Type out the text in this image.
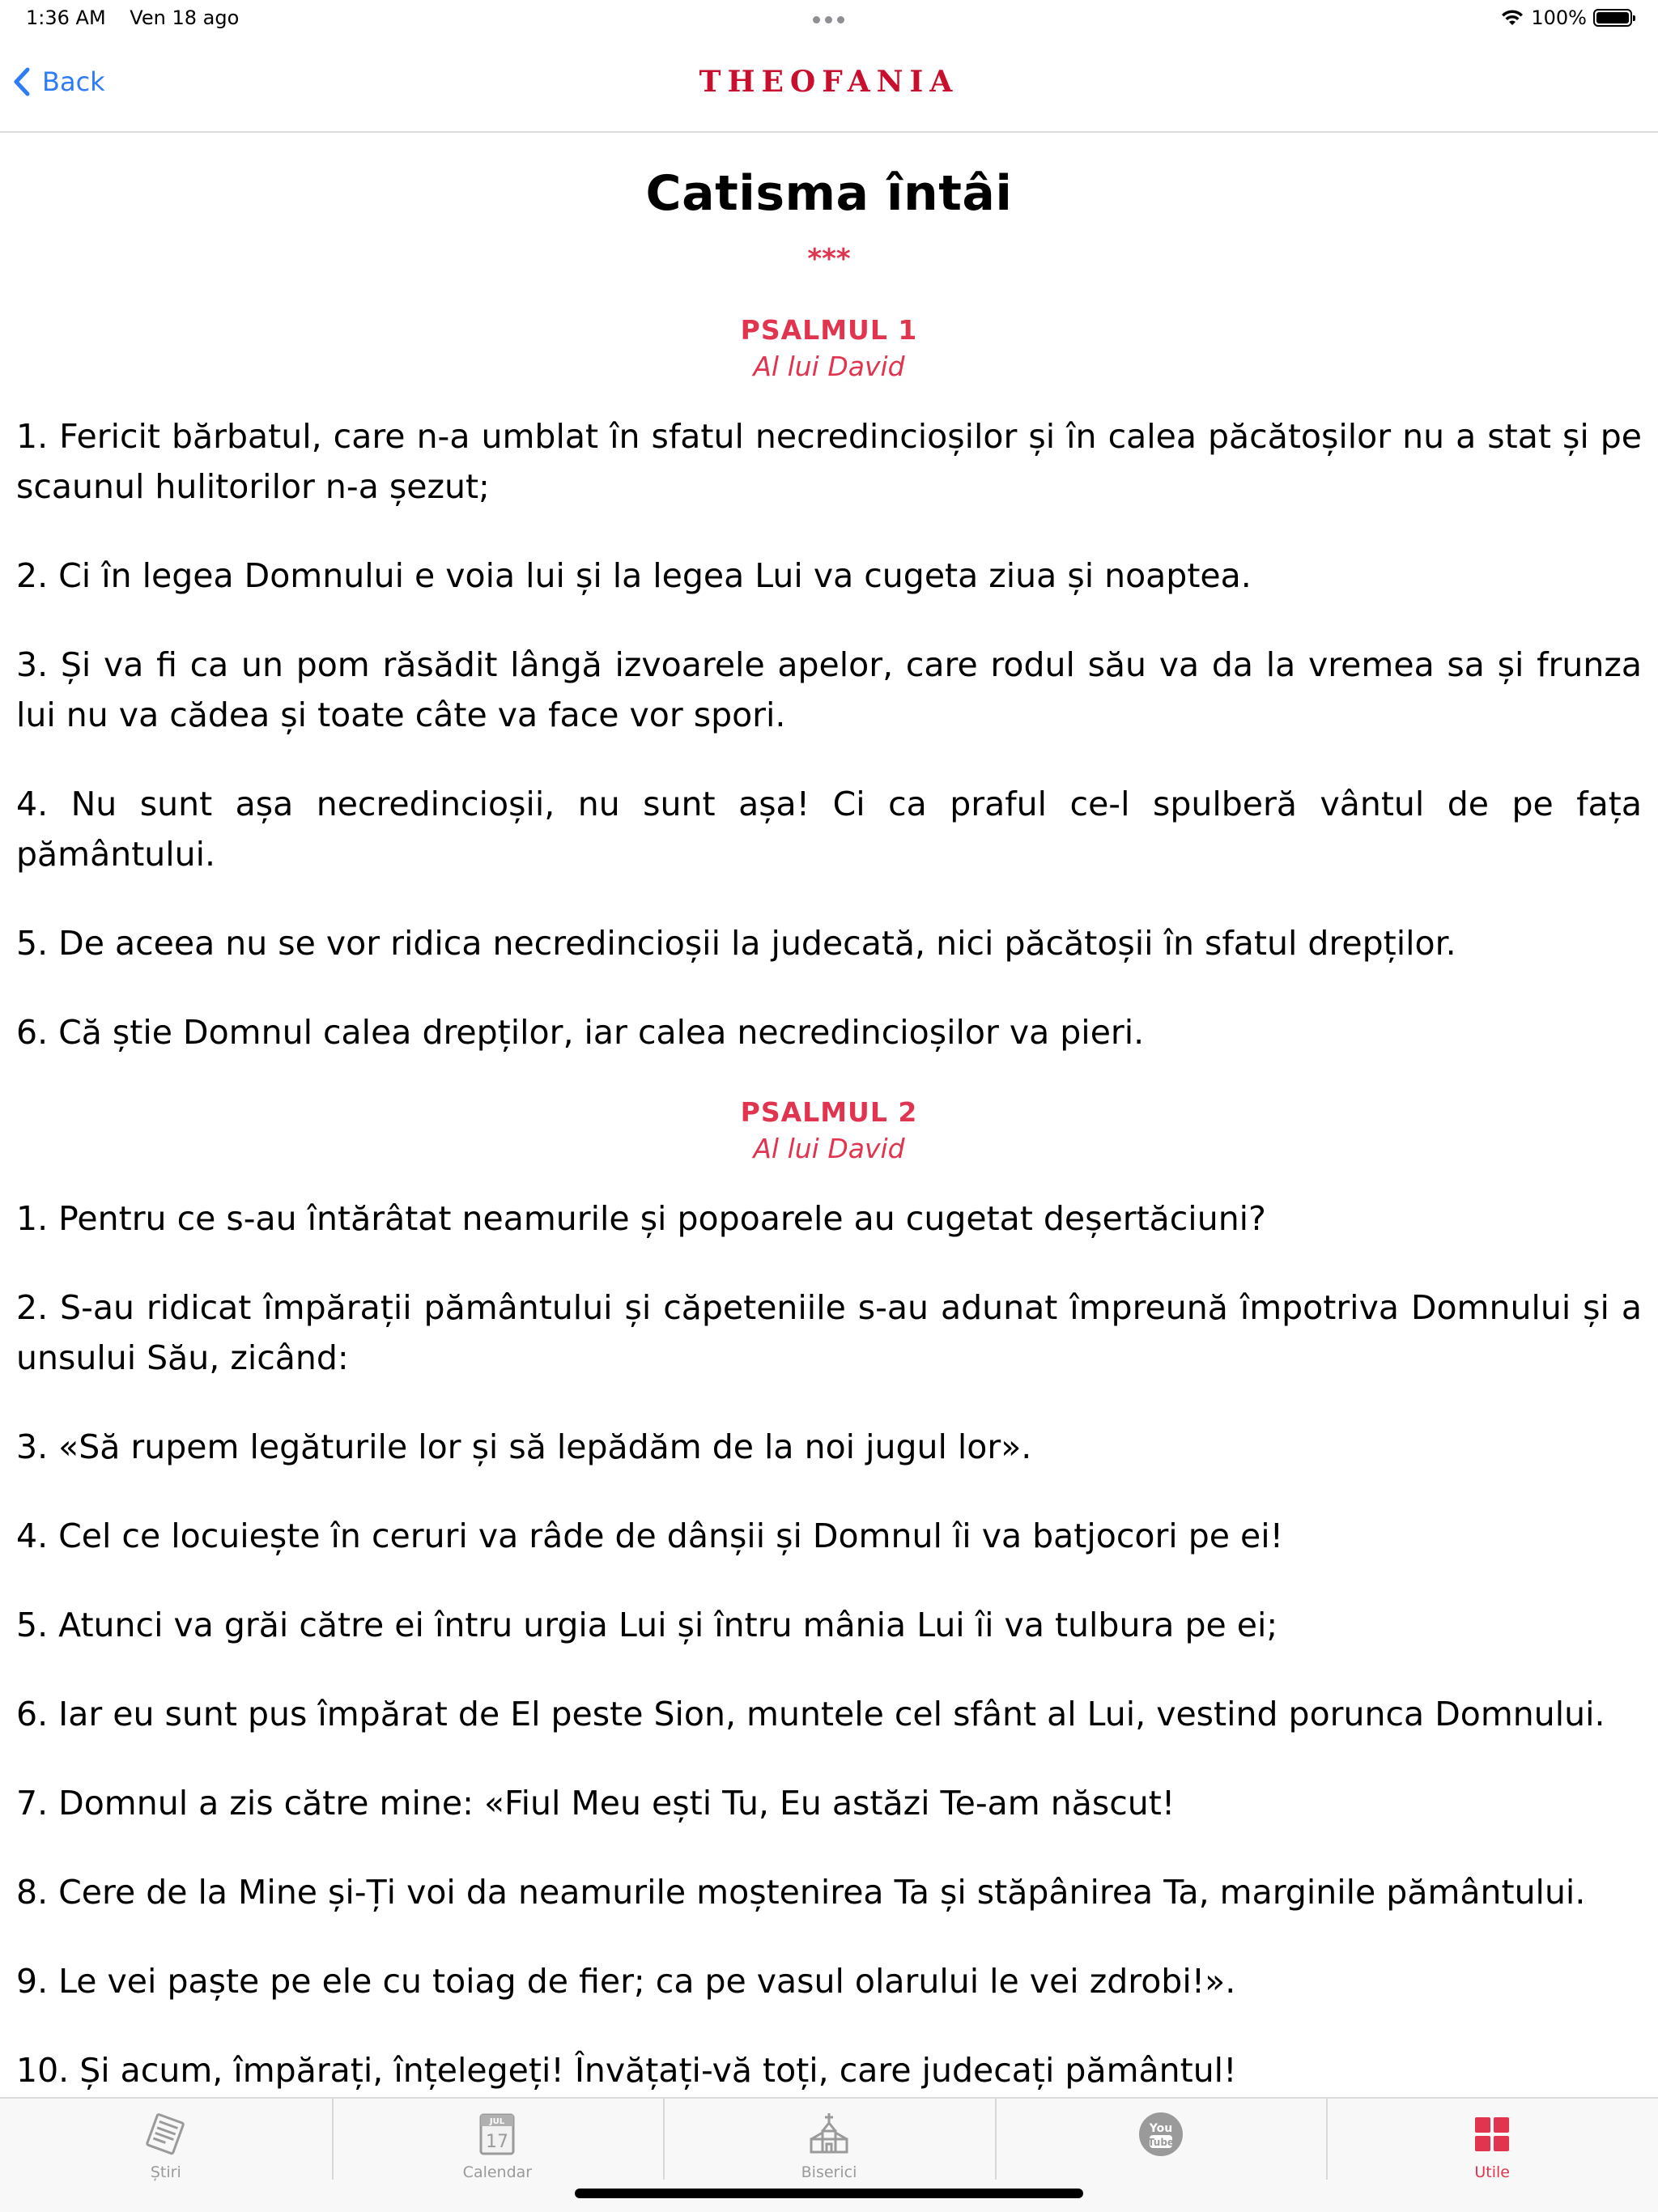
1:36 AM Ven 18 ago	100%
Back	THEOFANIA
Catisma întâi
***
PSALMUL 1
Al lui David

1. Fericit bărbatul, care n-a umblat în sfatul necredincioșilor și în calea păcătoșilor nu a stat și pe scaunul hulitorilor n-a șezut;

2. Ci în legea Domnului e voia lui și la legea Lui va cugeta ziua și noaptea.

3. Și va fi ca un pom răsădit lângă izvoarele apelor, care rodul său va da la vremea sa și frunza lui nu va cădea și toate câte va face vor spori.

4. Nu sunt așa necredincioșii, nu sunt așa! Ci ca praful ce-l spulberă vântul de pe fața pământului.

5. De aceea nu se vor ridica necredincioșii la judecată, nici păcătoșii în sfatul drepților.

6. Că știe Domnul calea drepților, iar calea necredincioșilor va pieri.

PSALMUL 2
Al lui David

1. Pentru ce s-au întărâtat neamurile și popoarele au cugetat deșertăciuni?

2. S-au ridicat împărații pământului și căpeteniile s-au adunat împreună împotriva Domnului și a unsului Său, zicând:

3. «Să rupem legăturile lor și să lepădăm de la noi jugul lor».

4. Cel ce locuiește în ceruri va râde de dânșii și Domnul îi va batjocori pe ei!

5. Atunci va grăi către ei întru urgia Lui și întru mânia Lui îi va tulbura pe ei;

6. Iar eu sunt pus împărat de El peste Sion, muntele cel sfânt al Lui, vestind porunca Domnului.

7. Domnul a zis către mine: «Fiul Meu ești Tu, Eu astăzi Te-am născut!

8. Cere de la Mine și-Ți voi da neamurile moștenirea Ta și stăpânirea Ta, marginile pământului.

9. Le vei paște pe ele cu toiag de fier; ca pe vasul olarului le vei zdrobi!».

10. Și acum, împărați, înțelegeți! Învățați-vă toți, care judecați pământul!

Știri
JUL
17
Calendar	Biserici
You
Tube
Utile
